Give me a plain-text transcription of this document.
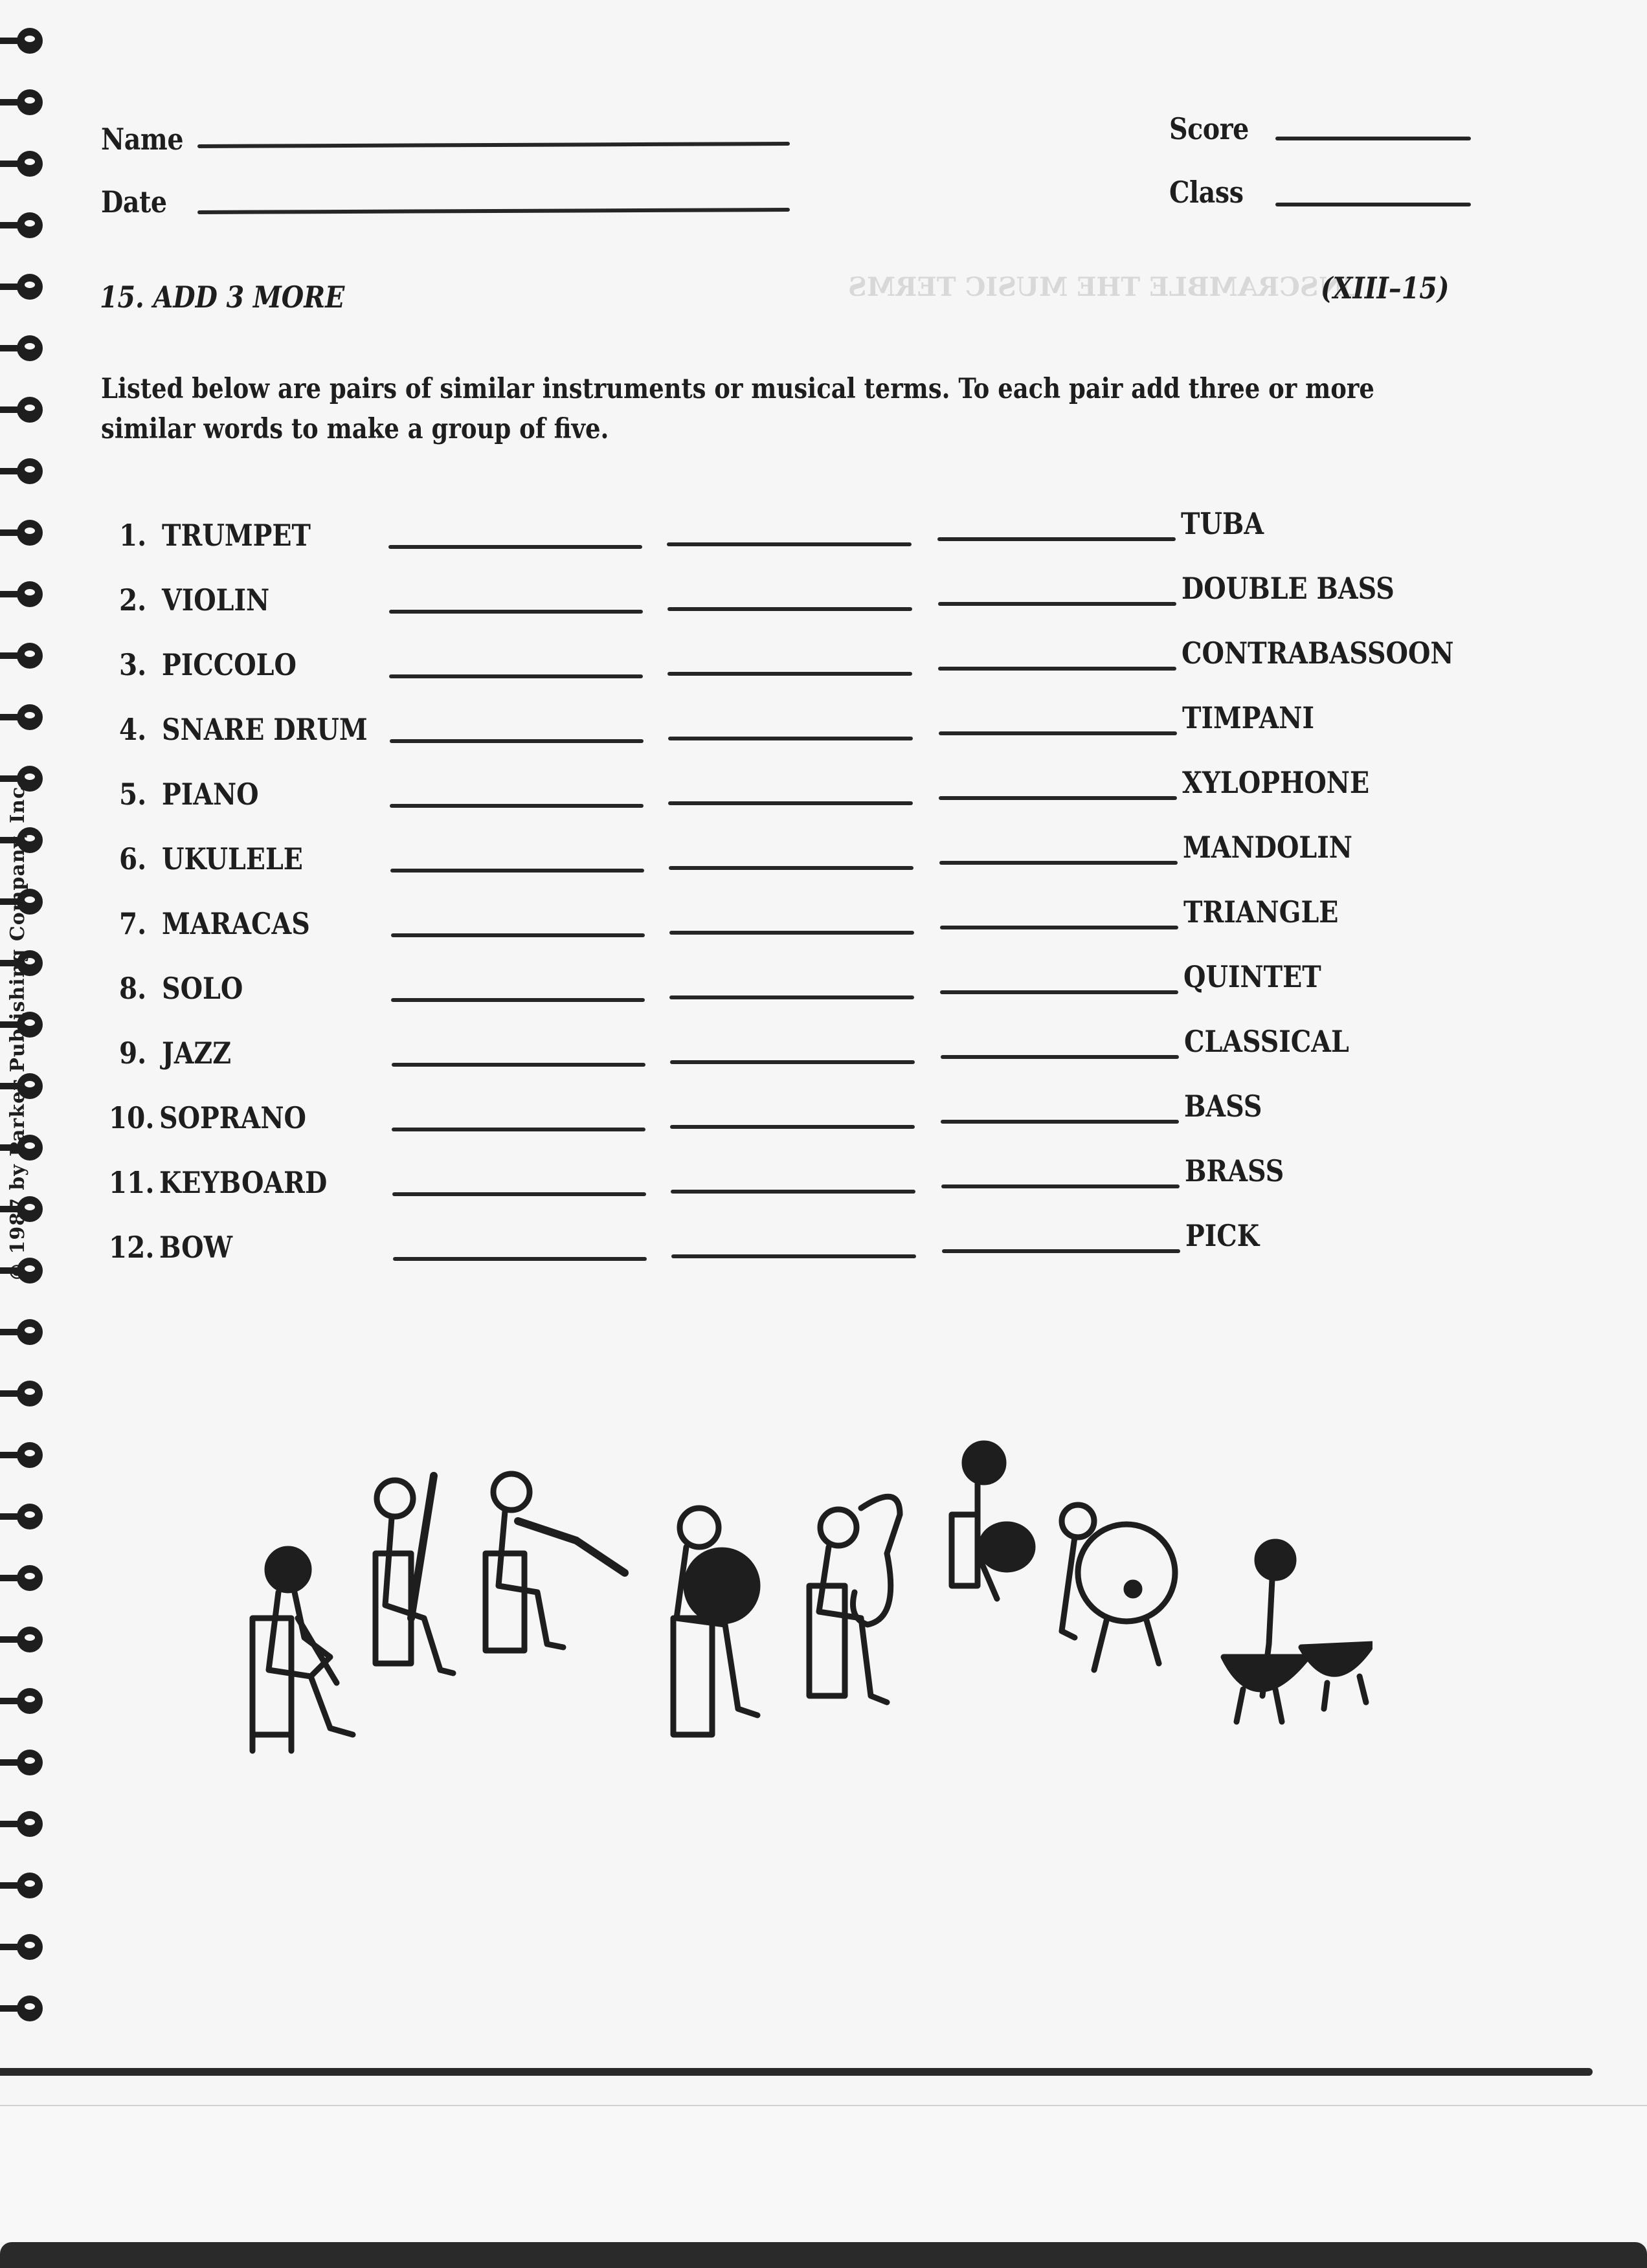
UNSCRAMBLE THE MUSIC TERMS
© 1987 by Parker Publishing Company, Inc.
Name
Date
Score
Class
15. ADD 3 MORE	(XIII–15)
Listed below are pairs of similar instruments or musical terms. To each pair add three or more
similar words to make a group of five.
1. TRUMPET	TUBA
2. VIOLIN	DOUBLE BASS
3. PICCOLO	CONTRABASSOON
4. SNARE DRUM	TIMPANI
5. PIANO	XYLOPHONE
6. UKULELE	MANDOLIN
7. MARACAS	TRIANGLE
8. SOLO	QUINTET
9. JAZZ	CLASSICAL
10. SOPRANO	BASS
11. KEYBOARD	BRASS
12. BOW	PICK
